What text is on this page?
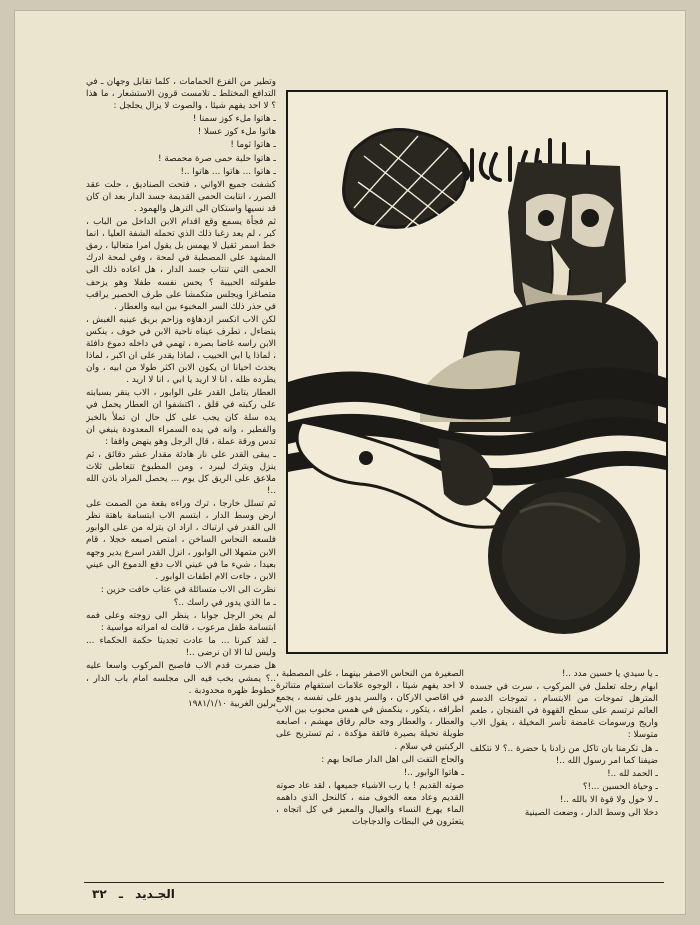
وتطير من الفزع الحمامات ، كلما تقابل وجهان ـ في التدافع المختلط ـ تلامست قرون الاستشعار ، ما هذا ؟ لا احد يفهم شيئا ، والصوت لا يزال يجلجل :

ـ هاتوا ملء كوز سمنا !

هاتوا ملء كوز عسلا !

ـ هاتوا ثوما !

ـ هاتوا حلبة حمى صرة محمصة !

ـ هاتوا ... هاتوا ... هاتوا ..!

كشفت جميع الاواني ، فتحت الصناديق ، حلت عقد الصرر ، انتابت الحمى القديمة جسد الدار بعد ان كان قد نسيها واستكان الى الترهل والهمود .

ثم فجأة يسمع وقع اقدام الابن الداخل من الباب ، كبر ، لم يعد زغبا ذلك الذي تحمله الشفة العليا ، انما خط اسمر ثقيل لا يهمس بل يقول امرا متعاليا ، رمق المشهد على المصطبة في لمحة ، وفي لمحة ادرك الحمى التي تنتاب جسد الدار ، هل اعاده ذلك الى طفولته الحبيبة ؟ يحس نفسه طفلا وهو يزحف متصاغرا ويجلس متكمشا على طرف الحصير يراقب في حذر ذلك السر المخبوء بين ابيه والعطار .

لكن الاب انكسر ازدهاؤه وزاحم بريق عينيه الغبش ، يتضاءل ، تطرف عيناه ناحية الابن في خوف ، ينكس الابن راسه غاضا بصره ، تهمي في داخله دموع دافئة ، لماذا يا ابي الحبيب ، لماذا يقدر على ان اكبر ، لماذا يحدث احيانا ان يكون الابن اكثر طولا من ابيه ، وان يطرده ظله ، انا لا اريد يا ابي ، انا لا اريد .

العطار يتامل القدر على الوابور ، الاب ينقر بسبابته على ركبته في قلق ، اكتشفوا ان العطار يحمل في يده سلة كان يجب على كل حال ان تملأ بالخبز والفطير ، وانه في يده السمراء المعدودة ينبغي ان تدس ورقة عملة ، قال الرجل وهو ينهض واقفا :

ـ يبقى القدر على نار هادئة مقدار عشر دقائق ، ثم ينزل ويترك ليبرد ، ومن المطبوخ تتعاطى ثلاث ملاعق على الريق كل يوم ... يحصل المراد باذن الله ..!

ثم تسلل خارجا ، ترك وراءه بقعة من الصمت على ارض وسط الدار ، ابتسم الاب ابتسامة باهتة نظر الى القدر في ارتباك ، اراد ان يتزله من على الوابور فلسعه النحاس الساخن ، امتص اصبعه خجلا ، قام الابن متمهلا الى الوابور ، انزل القدر اسرع يدير وجهه بعيدا ، شيء ما في عيني الاب دفع الدموع الى عيني الابن ، جاءت الام اطفات الوابور .

نظرت الى الاب متسائلة في عتاب خافت حزين :

ـ ما الذي يدور في راسك ..؟

لم يحر الرجل جوابا ، ينظر الى زوجته وعلى فمه ابتسامة طفل مرعوب ، قالت له امراته مواسية :

ـ لقد كبرنا ... ما عادت تجدينا حكمة الحكماء ... وليس لنا الا ان نرضى ..!

هل ضمرت قدم الاب فاصبح المركوب واسعا عليه ..؟ يمشي بخب فيه الى مجلسه امام باب الدار ، خطوط ظهره محدودبة .

برلين الغربية ١٩٨١/١/١٠

الصغيرة من النحاس الاصفر بينهما ، على المصطبة ، لا احد يفهم شيئا ، الوجوه علامات استفهام متناثرة في اقاصي الاركان ، والسر يدور على نفسه ، يجمع اطرافه ، يتكور ، ينكمش في همس محبوب بين الاب والعطار ، والعطار وجه حالم رقاق مهشم ، اصابعه طويلة نحيلة بصيرة فائقة مؤكدة ، ثم تستريح على الركبتين في سلام .

والحاج التفت الى اهل الدار صائحا بهم :

ـ هاتوا الوابور ..!

صوته القديم ! يا رب الاشياء جميعها ، لقد عاد صوته القديم وعاد معه الخوف منه ، كالنحل الذي داهمه الماء يهرع النساء والعيال والمعيز في كل اتجاه ، يتعثرون في البطات والدجاجات

ـ يا سيدي يا حسين مدد ..!

ابهام رجله تعلمل في المركوب ، سرت في جسده المترهل تموجات من الابتسام ، تموجات الدسم العائم ترتسم على سطح القهوة في الفنجان ، طعم واريج ورسومات غامضة تأسر المخيلة ، يقول الاب متوسلا :

ـ هل تكرمنا بان تاكل من زادنا يا حضرة ..؟ لا نتكلف ضيفنا كما امر رسول الله ..!

ـ الحمد لله ..!

ـ وحياة الحسين ...!؟

ـ لا حول ولا قوة الا بالله ..!

دخلا الى وسط الدار ، وضعت الصينية

الجـديد ـ ٣٢
